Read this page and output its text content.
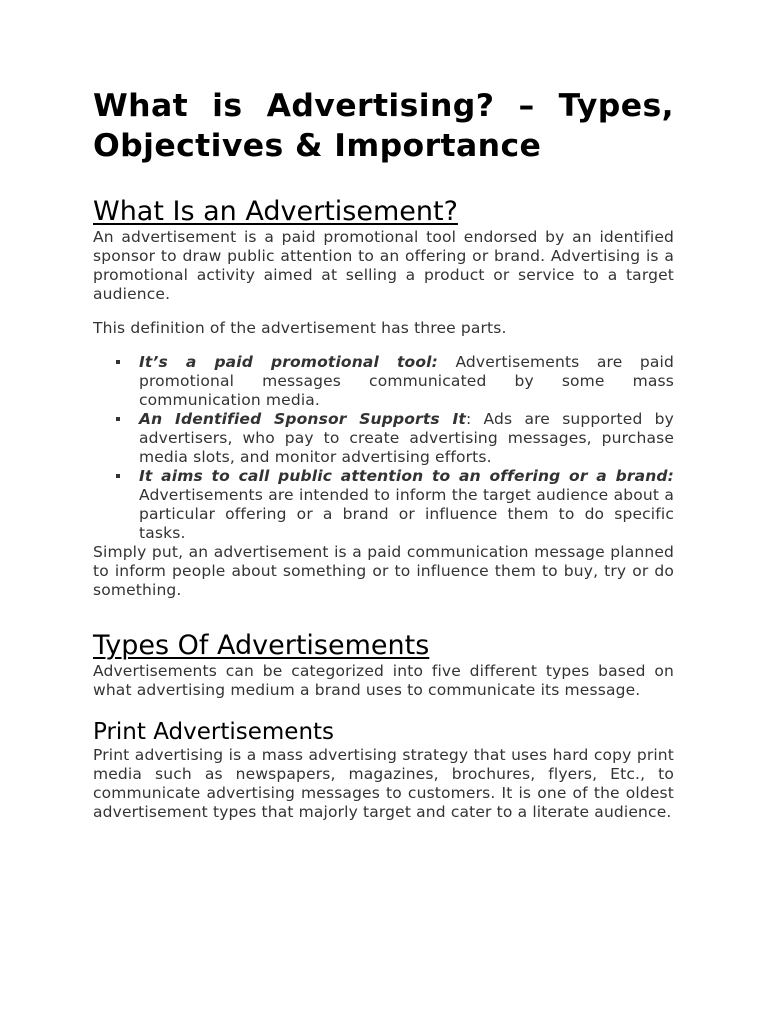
What is Advertising? – Types, Objectives & Importance
What Is an Advertisement?

An advertisement is a paid promotional tool endorsed by an identified sponsor to draw public attention to an offering or brand. Advertising is a promotional activity aimed at selling a product or service to a target audience.

This definition of the advertisement has three parts.

It’s a paid promotional tool: Advertisements are paid promotional messages communicated by some mass communication media.
An Identified Sponsor Supports It: Ads are supported by advertisers, who pay to create advertising messages, purchase media slots, and monitor advertising efforts.
It aims to call public attention to an offering or a brand: Advertisements are intended to inform the target audience about a particular offering or a brand or influence them to do specific tasks.

Simply put, an advertisement is a paid communication message planned to inform people about something or to influence them to buy, try or do something.

Types Of Advertisements

Advertisements can be categorized into five different types based on what advertising medium a brand uses to communicate its message.

Print Advertisements

Print advertising is a mass advertising strategy that uses hard copy print media such as newspapers, magazines, brochures, flyers, Etc., to communicate advertising messages to customers. It is one of the oldest advertisement types that majorly target and cater to a literate audience.
